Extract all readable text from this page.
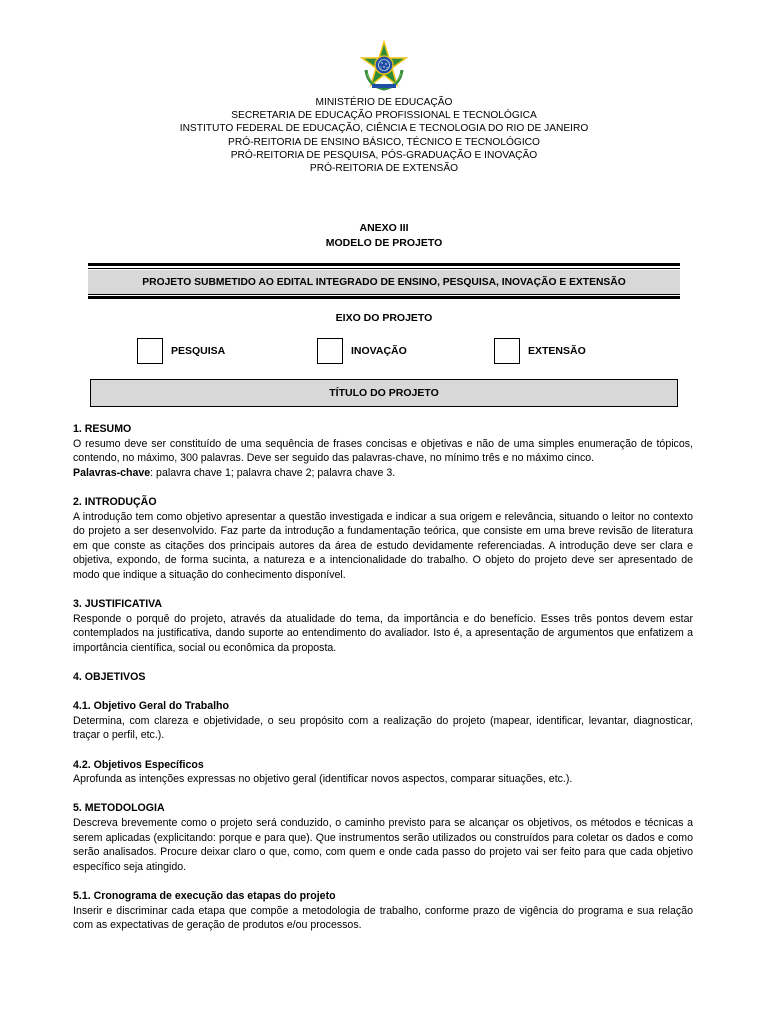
MINISTÉRIO DE EDUCAÇÃO
SECRETARIA DE EDUCAÇÃO PROFISSIONAL E TECNOLÓGICA
INSTITUTO FEDERAL DE EDUCAÇÃO, CIÊNCIA E TECNOLOGIA DO RIO DE JANEIRO
PRÓ-REITORIA DE ENSINO BÁSICO, TÉCNICO E TECNOLÓGICO
PRÓ-REITORIA DE PESQUISA, PÓS-GRADUAÇÃO E INOVAÇÃO
PRÓ-REITORIA DE EXTENSÃO
ANEXO III
MODELO DE PROJETO
PROJETO SUBMETIDO AO EDITAL INTEGRADO DE ENSINO, PESQUISA, INOVAÇÃO E EXTENSÃO
EIXO DO PROJETO
PESQUISA	INOVAÇÃO	EXTENSÃO
TÍTULO DO PROJETO
1. RESUMO

O resumo deve ser constituído de uma sequência de frases concisas e objetivas e não de uma simples enumeração de tópicos, contendo, no máximo, 300 palavras. Deve ser seguido das palavras-chave, no mínimo três e no máximo cinco.

Palavras-chave: palavra chave 1; palavra chave 2; palavra chave 3.

2. INTRODUÇÃO

A introdução tem como objetivo apresentar a questão investigada e indicar a sua origem e relevância, situando o leitor no contexto do projeto a ser desenvolvido. Faz parte da introdução a fundamentação teórica, que consiste em uma breve revisão de literatura em que conste as citações dos principais autores da área de estudo devidamente referenciadas. A introdução deve ser clara e objetiva, expondo, de forma sucinta, a natureza e a intencionalidade do trabalho. O objeto do projeto deve ser apresentado de modo que indique a situação do conhecimento disponível.

3. JUSTIFICATIVA

Responde o porquê do projeto, através da atualidade do tema, da importância e do benefício. Esses três pontos devem estar contemplados na justificativa, dando suporte ao entendimento do avaliador. Isto é, a apresentação de argumentos que enfatizem a importância científica, social ou econômica da proposta.

4. OBJETIVOS
4.1. Objetivo Geral do Trabalho

Determina, com clareza e objetividade, o seu propósito com a realização do projeto (mapear, identificar, levantar, diagnosticar, traçar o perfil, etc.).

4.2. Objetivos Específicos

Aprofunda as intenções expressas no objetivo geral (identificar novos aspectos, comparar situações, etc.).

5. METODOLOGIA

Descreva brevemente como o projeto será conduzido, o caminho previsto para se alcançar os objetivos, os métodos e técnicas a serem aplicadas (explicitando: porque e para que). Que instrumentos serão utilizados ou construídos para coletar os dados e como serão analisados. Procure deixar claro o que, como, com quem e onde cada passo do projeto vai ser feito para que cada objetivo específico seja atingido.

5.1. Cronograma de execução das etapas do projeto

Inserir e discriminar cada etapa que compõe a metodologia de trabalho, conforme prazo de vigência do programa e sua relação com as expectativas de geração de produtos e/ou processos.
